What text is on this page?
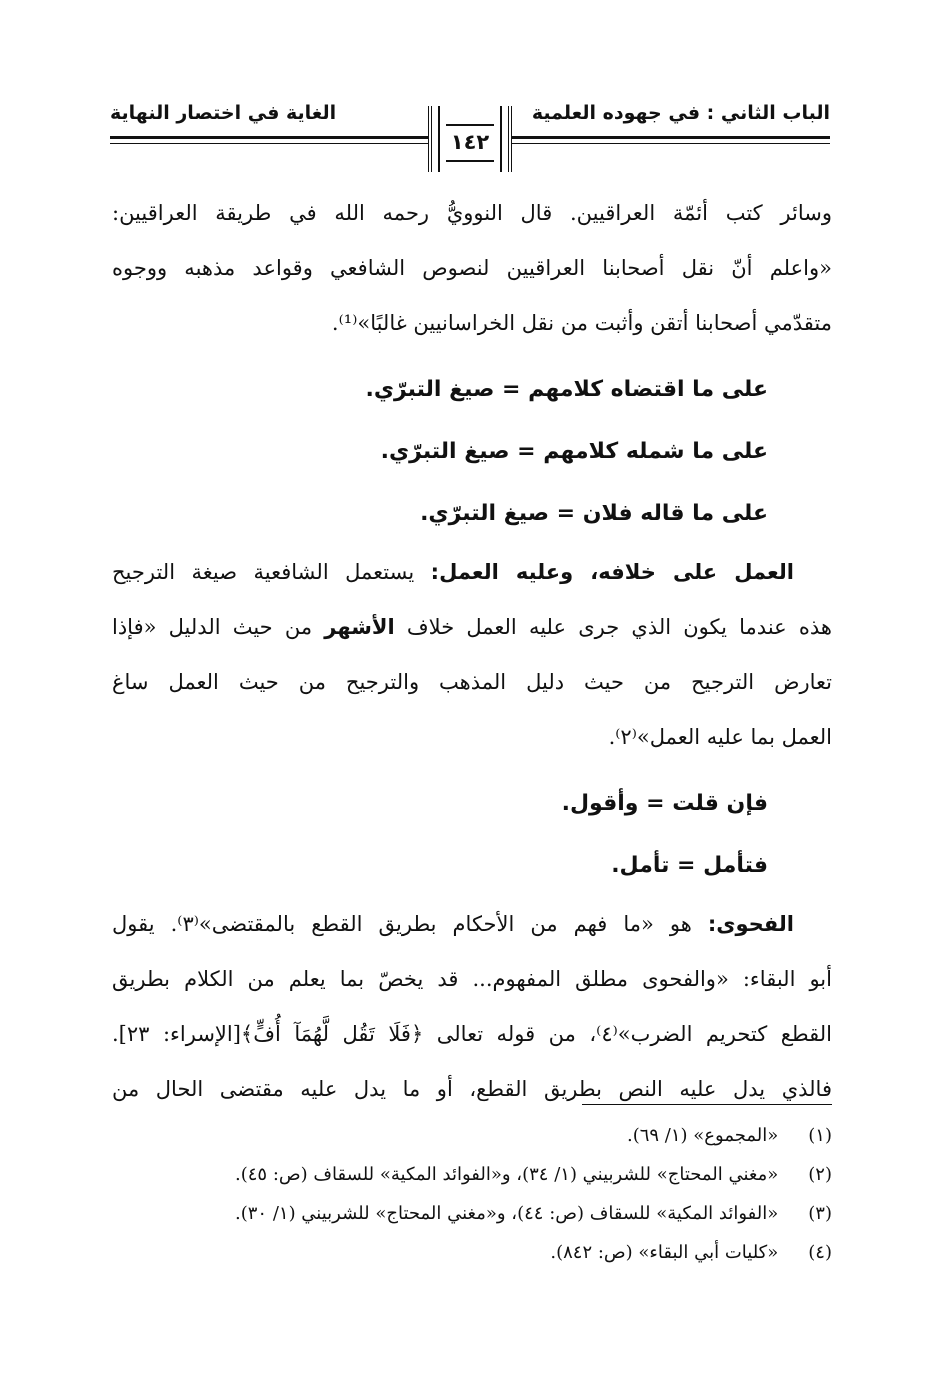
الباب الثاني : في جهوده العلمية
الغاية في اختصار النهاية
١٤٢
وسائر كتب أئمّة العراقيين. قال النوويُّ رحمه الله في طريقة العراقيين:
«واعلم أنّ نقل أصحابنا العراقيين لنصوص الشافعي وقواعد مذهبه ووجوه
متقدّمي أصحابنا أتقن وأثبت من نقل الخراسانيين غالبًا»⁽¹⁾.
على ما اقتضاه كلامهم = صيغ التبرّي.
على ما شمله كلامهم = صيغ التبرّي.
على ما قاله فلان = صيغ التبرّي.
العمل على خلافه، وعليه العمل: يستعمل الشافعية صيغة الترجيح
هذه عندما يكون الذي جرى عليه العمل خلاف الأشهر من حيث الدليل «فإذا
تعارض الترجيح من حيث دليل المذهب والترجيح من حيث العمل ساغ
العمل بما عليه العمل»⁽٢⁾.
فإن قلت = وأقول.
فتأمل = تأمل.
الفحوى: هو «ما فهم من الأحكام بطريق القطع بالمقتضى»⁽٣⁾. يقول
أبو البقاء: «والفحوى مطلق المفهوم... قد يخصّ بما يعلم من الكلام بطريق
القطع كتحريم الضرب»⁽٤⁾، من قوله تعالى ﴿فَلَا تَقُل لَّهُمَآ أُفٍّ﴾[الإسراء: ٢٣].
فالذي يدل عليه النص بطريق القطع، أو ما يدل عليه مقتضى الحال من
(١) «المجموع» (١/ ٦٩).
(٢) «مغني المحتاج» للشربيني (١/ ٣٤)، و«الفوائد المكية» للسقاف (ص: ٤٥).
(٣) «الفوائد المكية» للسقاف (ص: ٤٤)، و«مغني المحتاج» للشربيني (١/ ٣٠).
(٤) «كليات أبي البقاء» (ص: ٨٤٢).
